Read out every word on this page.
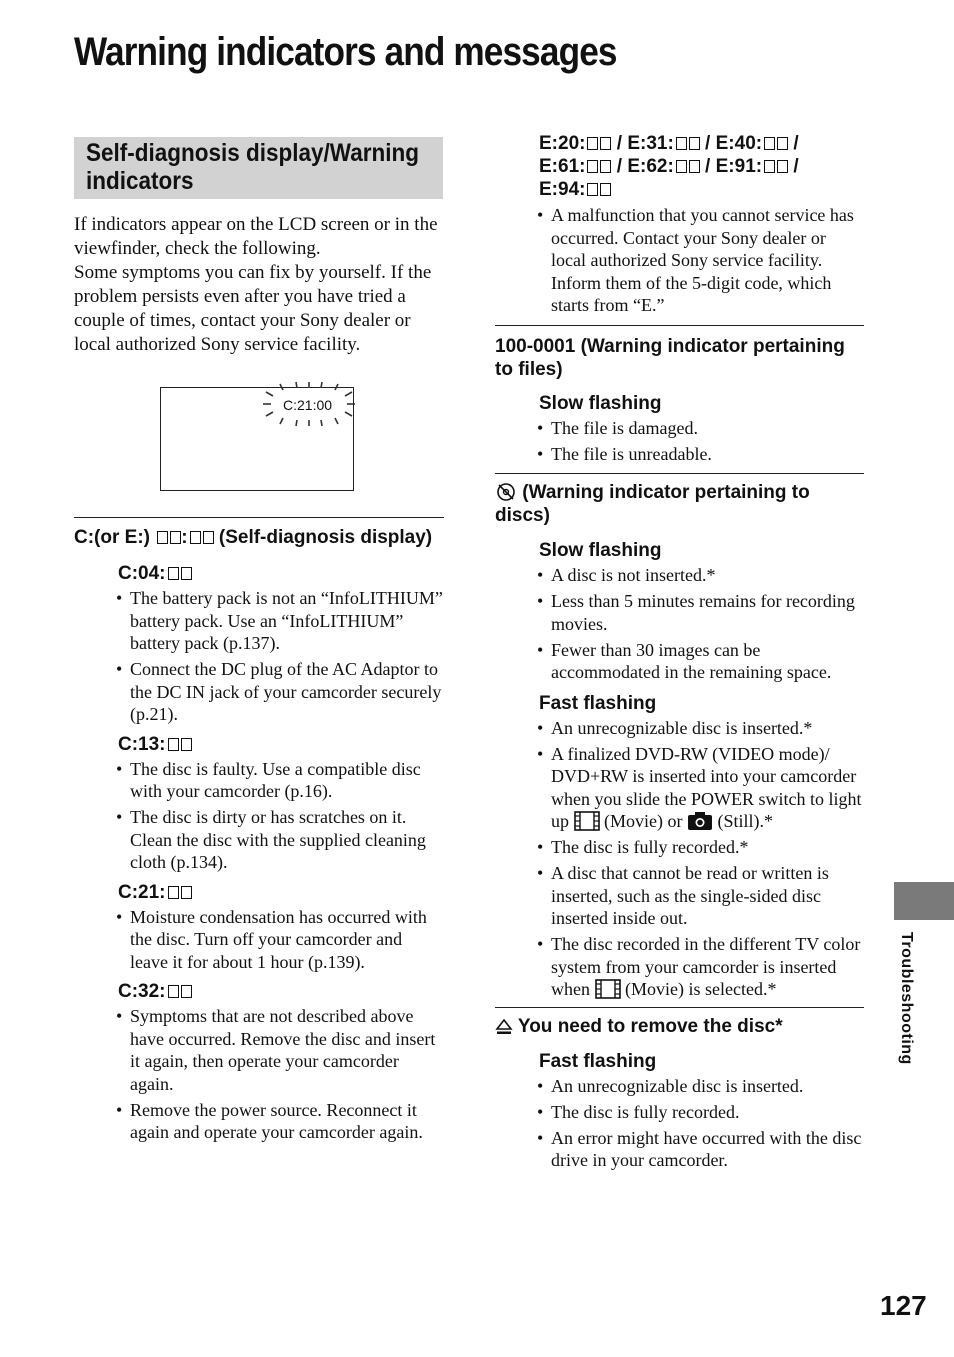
Warning indicators and messages
Self-diagnosis display/Warning indicators

If indicators appear on the LCD screen or in the viewfinder, check the following.

Some symptoms you can fix by yourself. If the problem persists even after you have tried a couple of times, contact your Sony dealer or local authorized Sony service facility.

C:21:00
C:(or E:) : (Self-diagnosis display)
C:04:
• The battery pack is not an “InfoLITHIUM” battery pack. Use an “InfoLITHIUM” battery pack (p.137).
• Connect the DC plug of the AC Adaptor to the DC IN jack of your camcorder securely (p.21).
C:13:
• The disc is faulty. Use a compatible disc with your camcorder (p.16).
• The disc is dirty or has scratches on it. Clean the disc with the supplied cleaning cloth (p.134).
C:21:
• Moisture condensation has occurred with the disc. Turn off your camcorder and leave it for about 1 hour (p.139).
C:32:
• Symptoms that are not described above have occurred. Remove the disc and insert it again, then operate your camcorder again.
• Remove the power source. Reconnect it again and operate your camcorder again.
E:20: / E:31: / E:40: /
E:61: / E:62: / E:91: /
E:94:
• A malfunction that you cannot service has occurred. Contact your Sony dealer or local authorized Sony service facility. Inform them of the 5-digit code, which starts from “E.”
100-0001 (Warning indicator pertaining to files)
Slow flashing
• The file is damaged.
• The file is unreadable.
(Warning indicator pertaining to discs)
Slow flashing
• A disc is not inserted.*
• Less than 5 minutes remains for recording movies.
• Fewer than 30 images can be accommodated in the remaining space.
Fast flashing
• An unrecognizable disc is inserted.*
• A finalized DVD-RW (VIDEO mode)/ DVD+RW is inserted into your camcorder when you slide the POWER switch to light up  (Movie) or  (Still).*
• The disc is fully recorded.*
• A disc that cannot be read or written is inserted, such as the single-sided disc inserted inside out.
• The disc recorded in the different TV color system from your camcorder is inserted when  (Movie) is selected.*
You need to remove the disc*
Fast flashing
• An unrecognizable disc is inserted.
• The disc is fully recorded.
• An error might have occurred with the disc drive in your camcorder.
Troubleshooting
127
